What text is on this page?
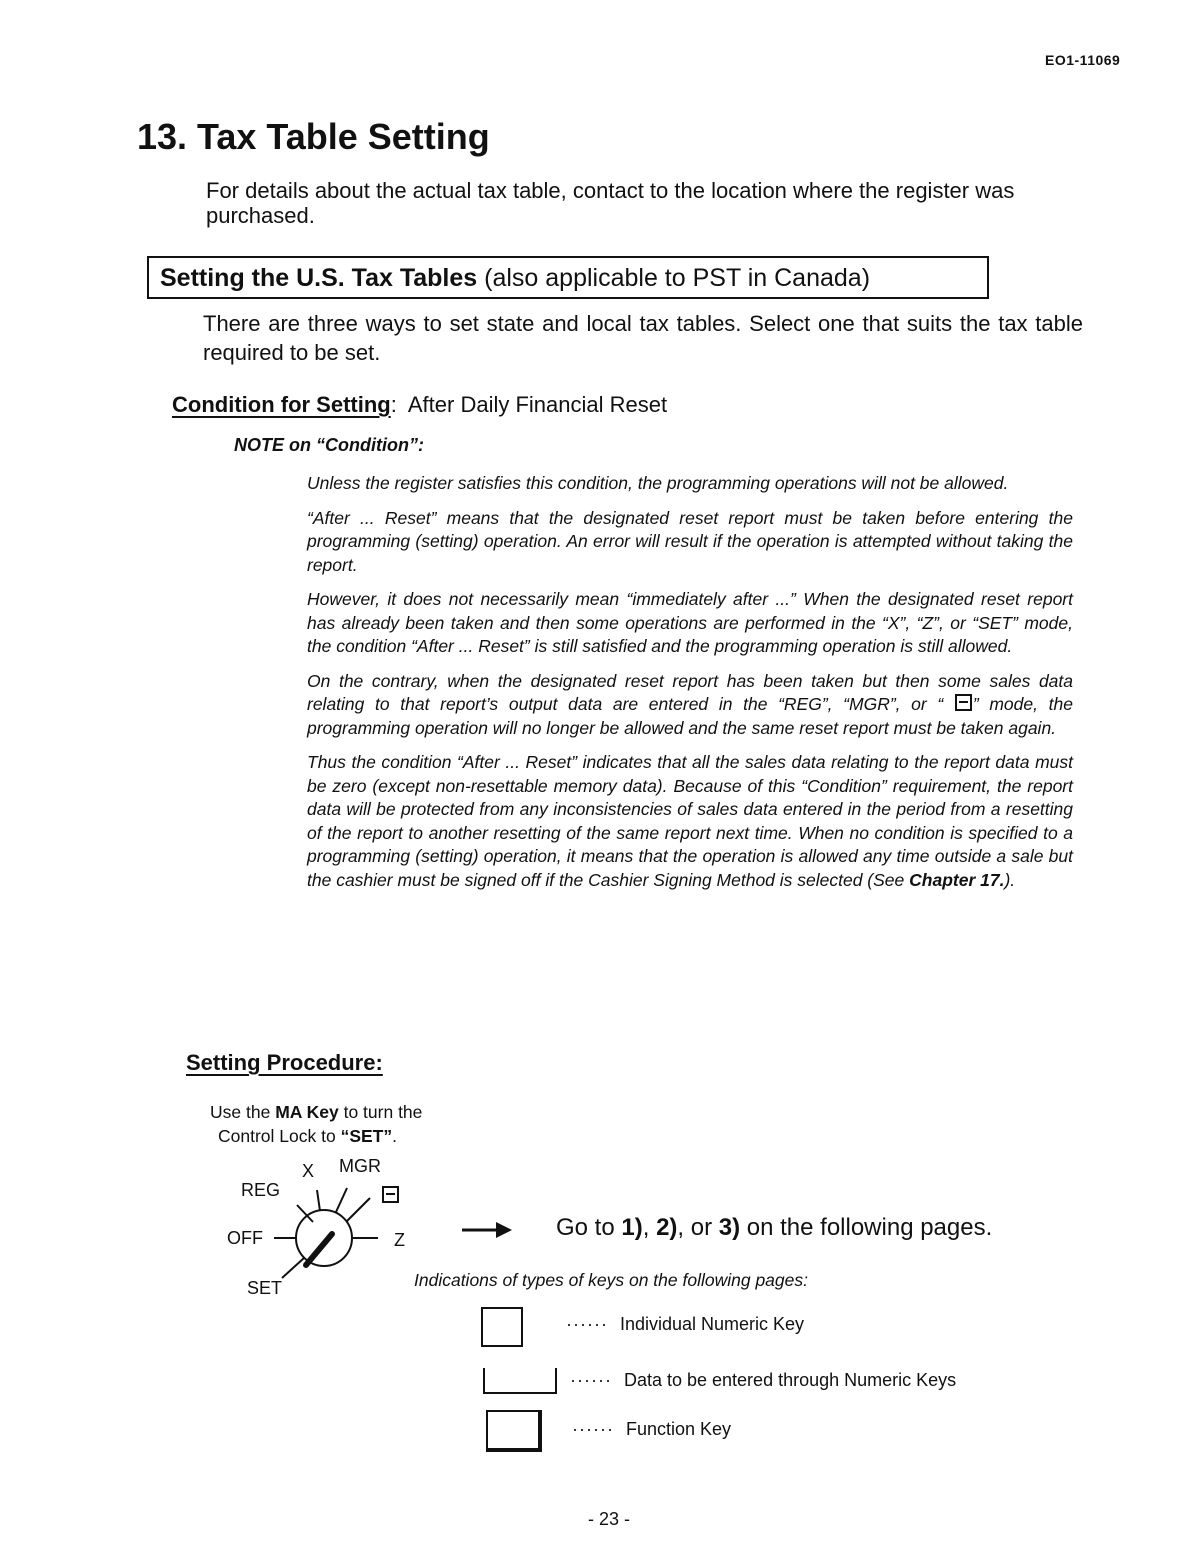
EO1-11069
13. Tax Table Setting
For details about the actual tax table, contact to the location where the register was purchased.
Setting the U.S. Tax Tables (also applicable to PST in Canada)
There are three ways to set state and local tax tables. Select one that suits the tax table required to be set.
Condition for Setting: After Daily Financial Reset
NOTE on “Condition”:

Unless the register satisfies this condition, the programming operations will not be allowed.

“After ... Reset” means that the designated reset report must be taken before entering the programming (setting) operation. An error will result if the operation is attempted without taking the report.

However, it does not necessarily mean “immediately after ...” When the designated reset report has already been taken and then some operations are performed in the “X”, “Z”, or “SET” mode, the condition “After ... Reset” is still satisfied and the programming operation is still allowed.

On the contrary, when the designated reset report has been taken but then some sales data relating to that report’s output data are entered in the “REG”, “MGR”, or “ ” mode, the programming operation will no longer be allowed and the same reset report must be taken again.

Thus the condition “After ... Reset” indicates that all the sales data relating to the report data must be zero (except non-resettable memory data). Because of this “Condition” requirement, the report data will be protected from any inconsistencies of sales data entered in the period from a resetting of the report to another resetting of the same report next time. When no condition is specified to a programming (setting) operation, it means that the operation is allowed any time outside a sale but the cashier must be signed off if the Cashier Signing Method is selected (See Chapter 17.).

Setting Procedure:
Use the MA Key to turn the
Control Lock to “SET”.
REG
X MGR
OFF	Z
SET
Go to 1), 2), or 3) on the following pages.
Indications of types of keys on the following pages:
······ Individual Numeric Key
······ Data to be entered through Numeric Keys
······ Function Key
- 23 -
